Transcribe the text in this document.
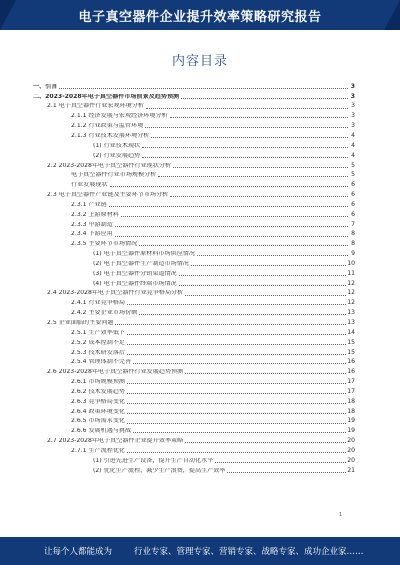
电子真空器件企业提升效率策略研究报告
内容目录
一、引言	3
二、2023-2028年电子真空器件市场前景及趋势预测	3
2.1 电子真空器件行业宏观环境分析	3
2.1.1 经济发展与宏观经济环境分析	3
2.1.2 行业政策与监管环境	3
2.1.3 行业技术发展环境分析	4
(1) 行业技术现状	4
(2) 行业发展趋势	4
2.2 2023-2028年电子真空器件行业现状分析	5
电子真空器件行业市场规模分析	5
行业发展现状	6
2.3 电子真空器件产业链及主要环节市场分析	6
2.3.1 产业链	6
2.3.2 上游原材料	6
2.3.3 中游制造	7
2.3.4 下游应用	8
2.3.5 主要环节市场情况	8
(1) 电子真空器件原材料市场供应情况	9
(2) 电子真空器件生产制造市场情况	10
(3) 电子真空器件分销渠道情况	11
(4) 电子真空器件终端市场情况	12
2.4 2023-2028年电子真空器件行业竞争格局分析	12
2.4.1 行业竞争格局	12
2.4.2 主要企业市场份额	13
2.5 企业面临的主要问题	13
2.5.1 生产效率低下	14
2.5.2 成本控制不足	15
2.5.3 技术研发落后	15
2.5.4 管理体制不完善	16
2.6 2023-2028年电子真空器件行业发展趋势预测	16
2.6.1 市场规模预测	17
2.6.2 技术发展趋势	17
2.6.3 竞争格局变化	18
2.6.4 政策环境变化	18
2.6.5 市场需求变化	19
2.6.6 发展机遇与挑战	19
2.7 2023-2028年电子真空器件企业提升效率策略	20
2.7.1 生产流程优化	20
(1) 引进先进生产设备，提升生产自动化水平	20
(2) 优化生产流程，减少生产浪费，提高生产效率	21
1
让每个人都能成为	行业专家、管理专家、营销专家、战略专家、成功企业家……
